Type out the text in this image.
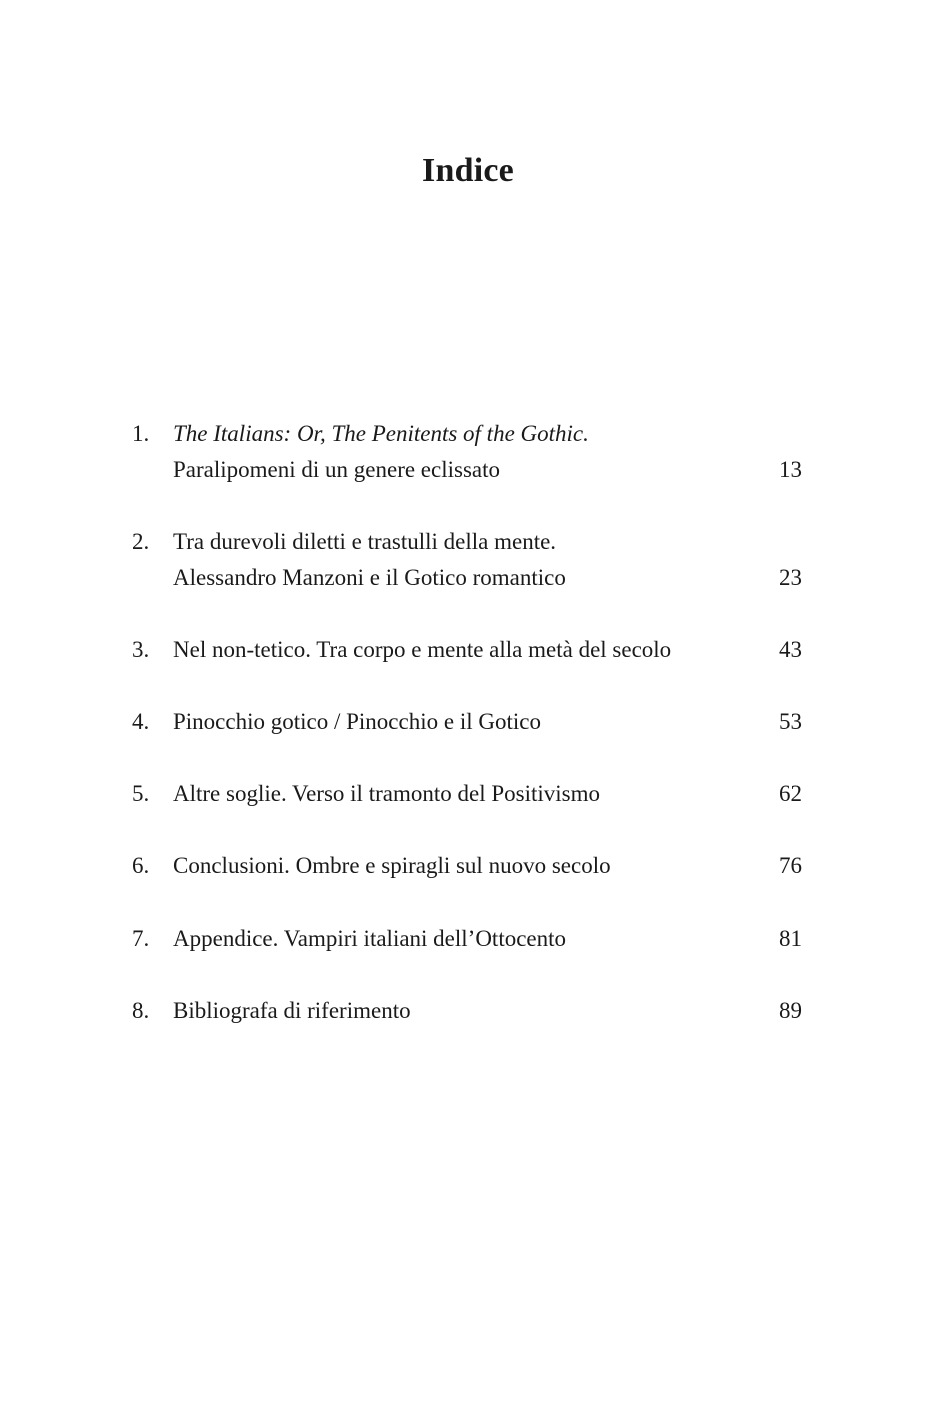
Indice
1.	The Italians: Or, The Penitents of the Gothic.
Paralipomeni di un genere eclissato	13
2.	Tra durevoli diletti e trastulli della mente.
Alessandro Manzoni e il Gotico romantico	23
3.	Nel non-tetico. Tra corpo e mente alla metà del secolo	43
4.	Pinocchio gotico / Pinocchio e il Gotico	53
5.	Altre soglie. Verso il tramonto del Positivismo	62
6.	Conclusioni. Ombre e spiragli sul nuovo secolo	76
7.	Appendice. Vampiri italiani dell’Ottocento	81
8.	Bibliografa di riferimento	89
